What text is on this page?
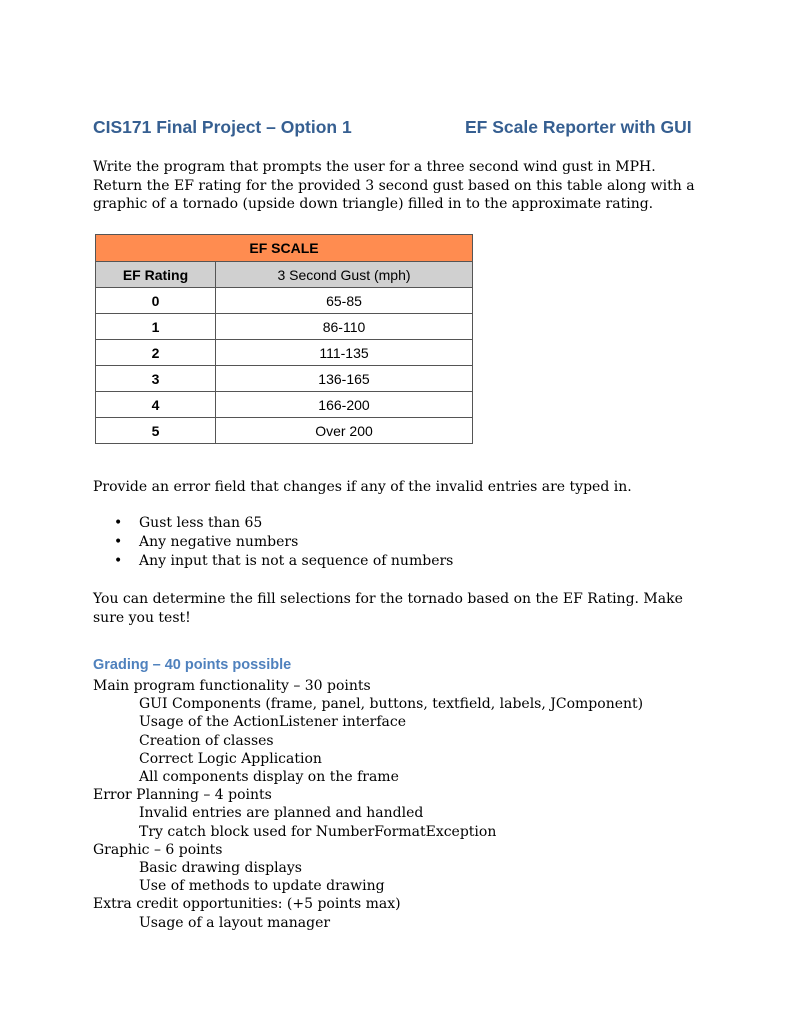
CIS171 Final Project – Option 1	EF Scale Reporter with GUI
Write the program that prompts the user for a three second wind gust in MPH. Return the EF rating for the provided 3 second gust based on this table along with a graphic of a tornado (upside down triangle) filled in to the approximate rating.
EF SCALE	
EF Rating	3 Second Gust (mph)
0	65-85
1	86-110
2	111-135
3	136-165
4	166-200
5	Over 200
Provide an error field that changes if any of the invalid entries are typed in.
• Gust less than 65
• Any negative numbers
• Any input that is not a sequence of numbers
You can determine the fill selections for the tornado based on the EF Rating. Make sure you test!
Grading – 40 points possible
Main program functionality – 30 points
GUI Components (frame, panel, buttons, textfield, labels, JComponent)
Usage of the ActionListener interface
Creation of classes
Correct Logic Application
All components display on the frame
Error Planning – 4 points
Invalid entries are planned and handled
Try catch block used for NumberFormatException
Graphic – 6 points
Basic drawing displays
Use of methods to update drawing
Extra credit opportunities: (+5 points max)
Usage of a layout manager
